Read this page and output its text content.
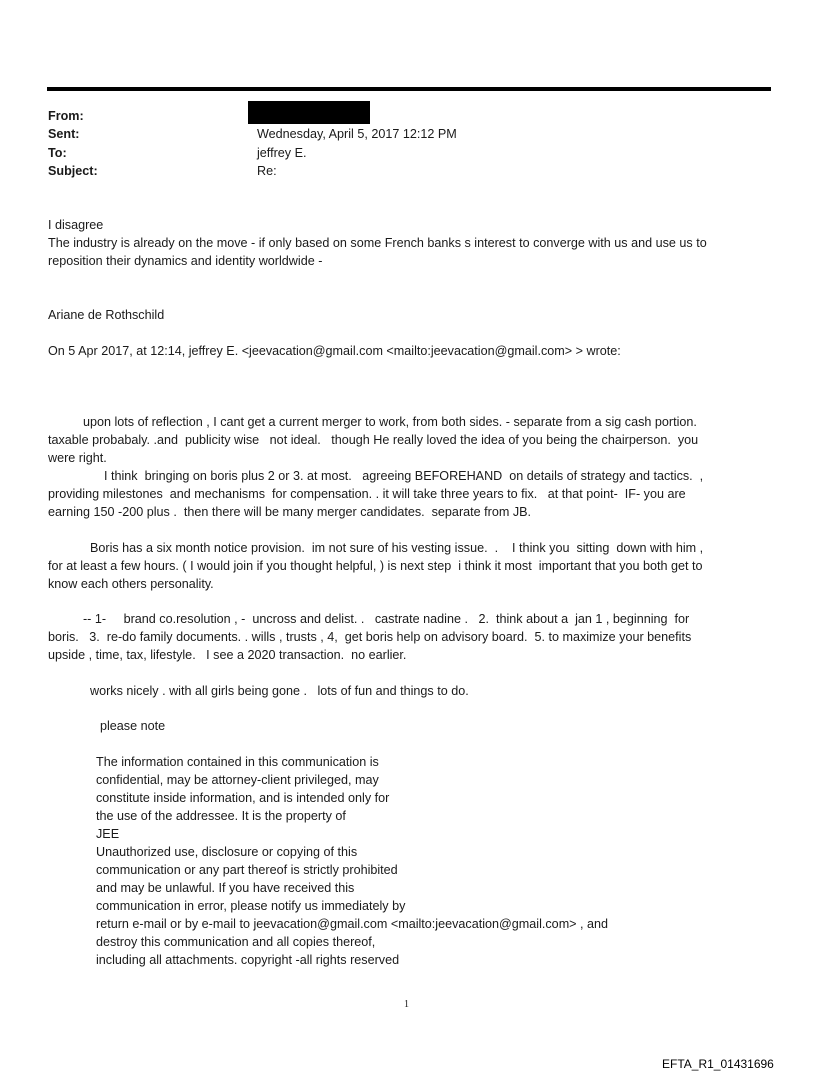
From:
Sent:	Wednesday, April 5, 2017 12:12 PM
To:	jeffrey E.
Subject:	Re:
I disagree
The industry is already on the move - if only based on some French banks s interest to converge with us and use us to
reposition their dynamics and identity worldwide -
Ariane de Rothschild
On 5 Apr 2017, at 12:14, jeffrey E. <jeevacation@gmail.com <mailto:jeevacation@gmail.com> > wrote:
upon lots of reflection , I cant get a current merger to work, from both sides. - separate from a sig cash portion.
taxable probabaly. .and  publicity wise   not ideal.   though He really loved the idea of you being the chairperson.  you
were right.
I think  bringing on boris plus 2 or 3. at most.   agreeing BEFOREHAND  on details of strategy and tactics.  ,
providing milestones  and mechanisms  for compensation. . it will take three years to fix.   at that point-  IF- you are
earning 150 -200 plus .  then there will be many merger candidates.  separate from JB.
Boris has a six month notice provision.  im not sure of his vesting issue.  .    I think you  sitting  down with him ,
for at least a few hours. ( I would join if you thought helpful, ) is next step  i think it most  important that you both get to
know each others personality.
-- 1-     brand co.resolution , -  uncross and delist. .   castrate nadine .   2.  think about a  jan 1 , beginning  for
boris.   3.  re-do family documents. . wills , trusts , 4,  get boris help on advisory board.  5. to maximize your benefits
upside , time, tax, lifestyle.   I see a 2020 transaction.  no earlier.
works nicely . with all girls being gone .   lots of fun and things to do.
please note
The information contained in this communication is
confidential, may be attorney-client privileged, may
constitute inside information, and is intended only for
the use of the addressee. It is the property of
JEE
Unauthorized use, disclosure or copying of this
communication or any part thereof is strictly prohibited
and may be unlawful. If you have received this
communication in error, please notify us immediately by
return e-mail or by e-mail to jeevacation@gmail.com <mailto:jeevacation@gmail.com> , and
destroy this communication and all copies thereof,
including all attachments. copyright -all rights reserved
1
EFTA_R1_01431696
